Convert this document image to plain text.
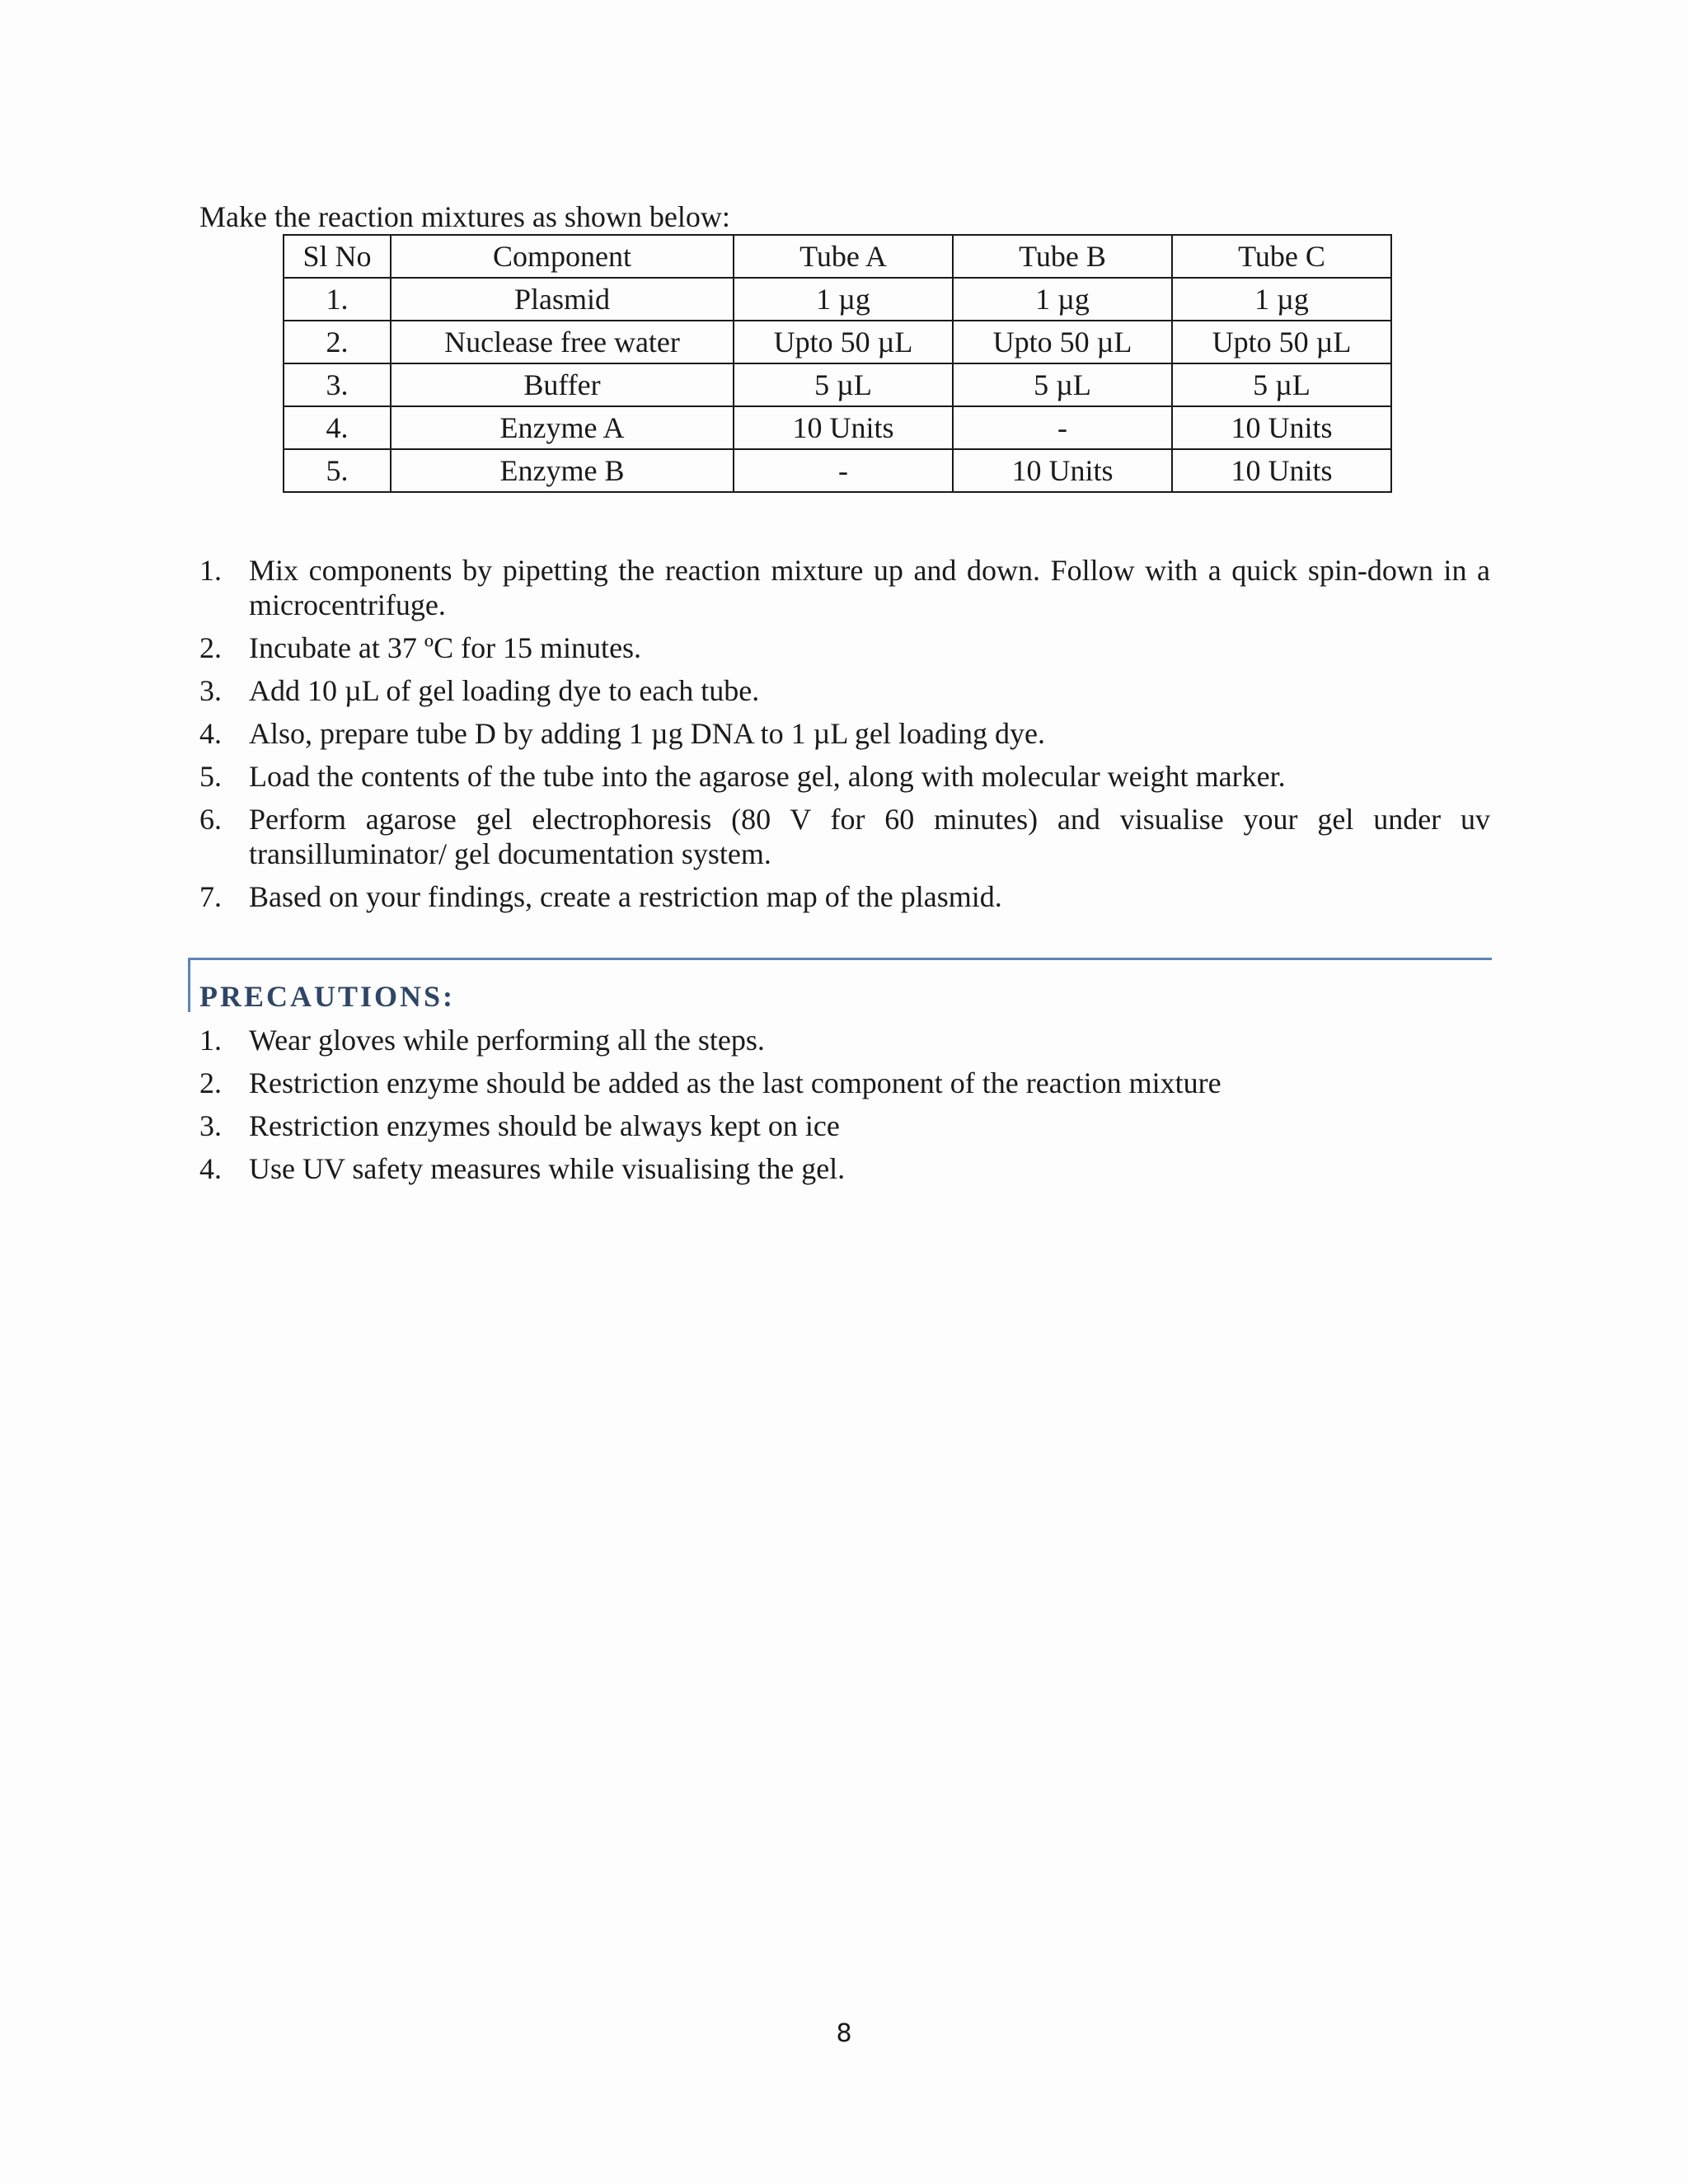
Make the reaction mixtures as shown below:
Sl No	Component	Tube A	Tube B	Tube C
1.	Plasmid	1 µg	1 µg	1 µg
2.	Nuclease free water	Upto 50 µL	Upto 50 µL	Upto 50 µL
3.	Buffer	5 µL	5 µL	5 µL
4.	Enzyme A	10 Units	-	10 Units
5.	Enzyme B	-	10 Units	10 Units
1. Mix components by pipetting the reaction mixture up and down. Follow with a quick spin-down in a microcentrifuge.
2. Incubate at 37 ºC for 15 minutes.
3. Add 10 µL of gel loading dye to each tube.
4. Also, prepare tube D by adding 1 µg DNA to 1 µL gel loading dye.
5. Load the contents of the tube into the agarose gel, along with molecular weight marker.
6. Perform agarose gel electrophoresis (80 V for 60 minutes) and visualise your gel under uv transilluminator/ gel documentation system.
7. Based on your findings, create a restriction map of the plasmid.
PRECAUTIONS:
1. Wear gloves while performing all the steps.
2. Restriction enzyme should be added as the last component of the reaction mixture
3. Restriction enzymes should be always kept on ice
4. Use UV safety measures while visualising the gel.
8
